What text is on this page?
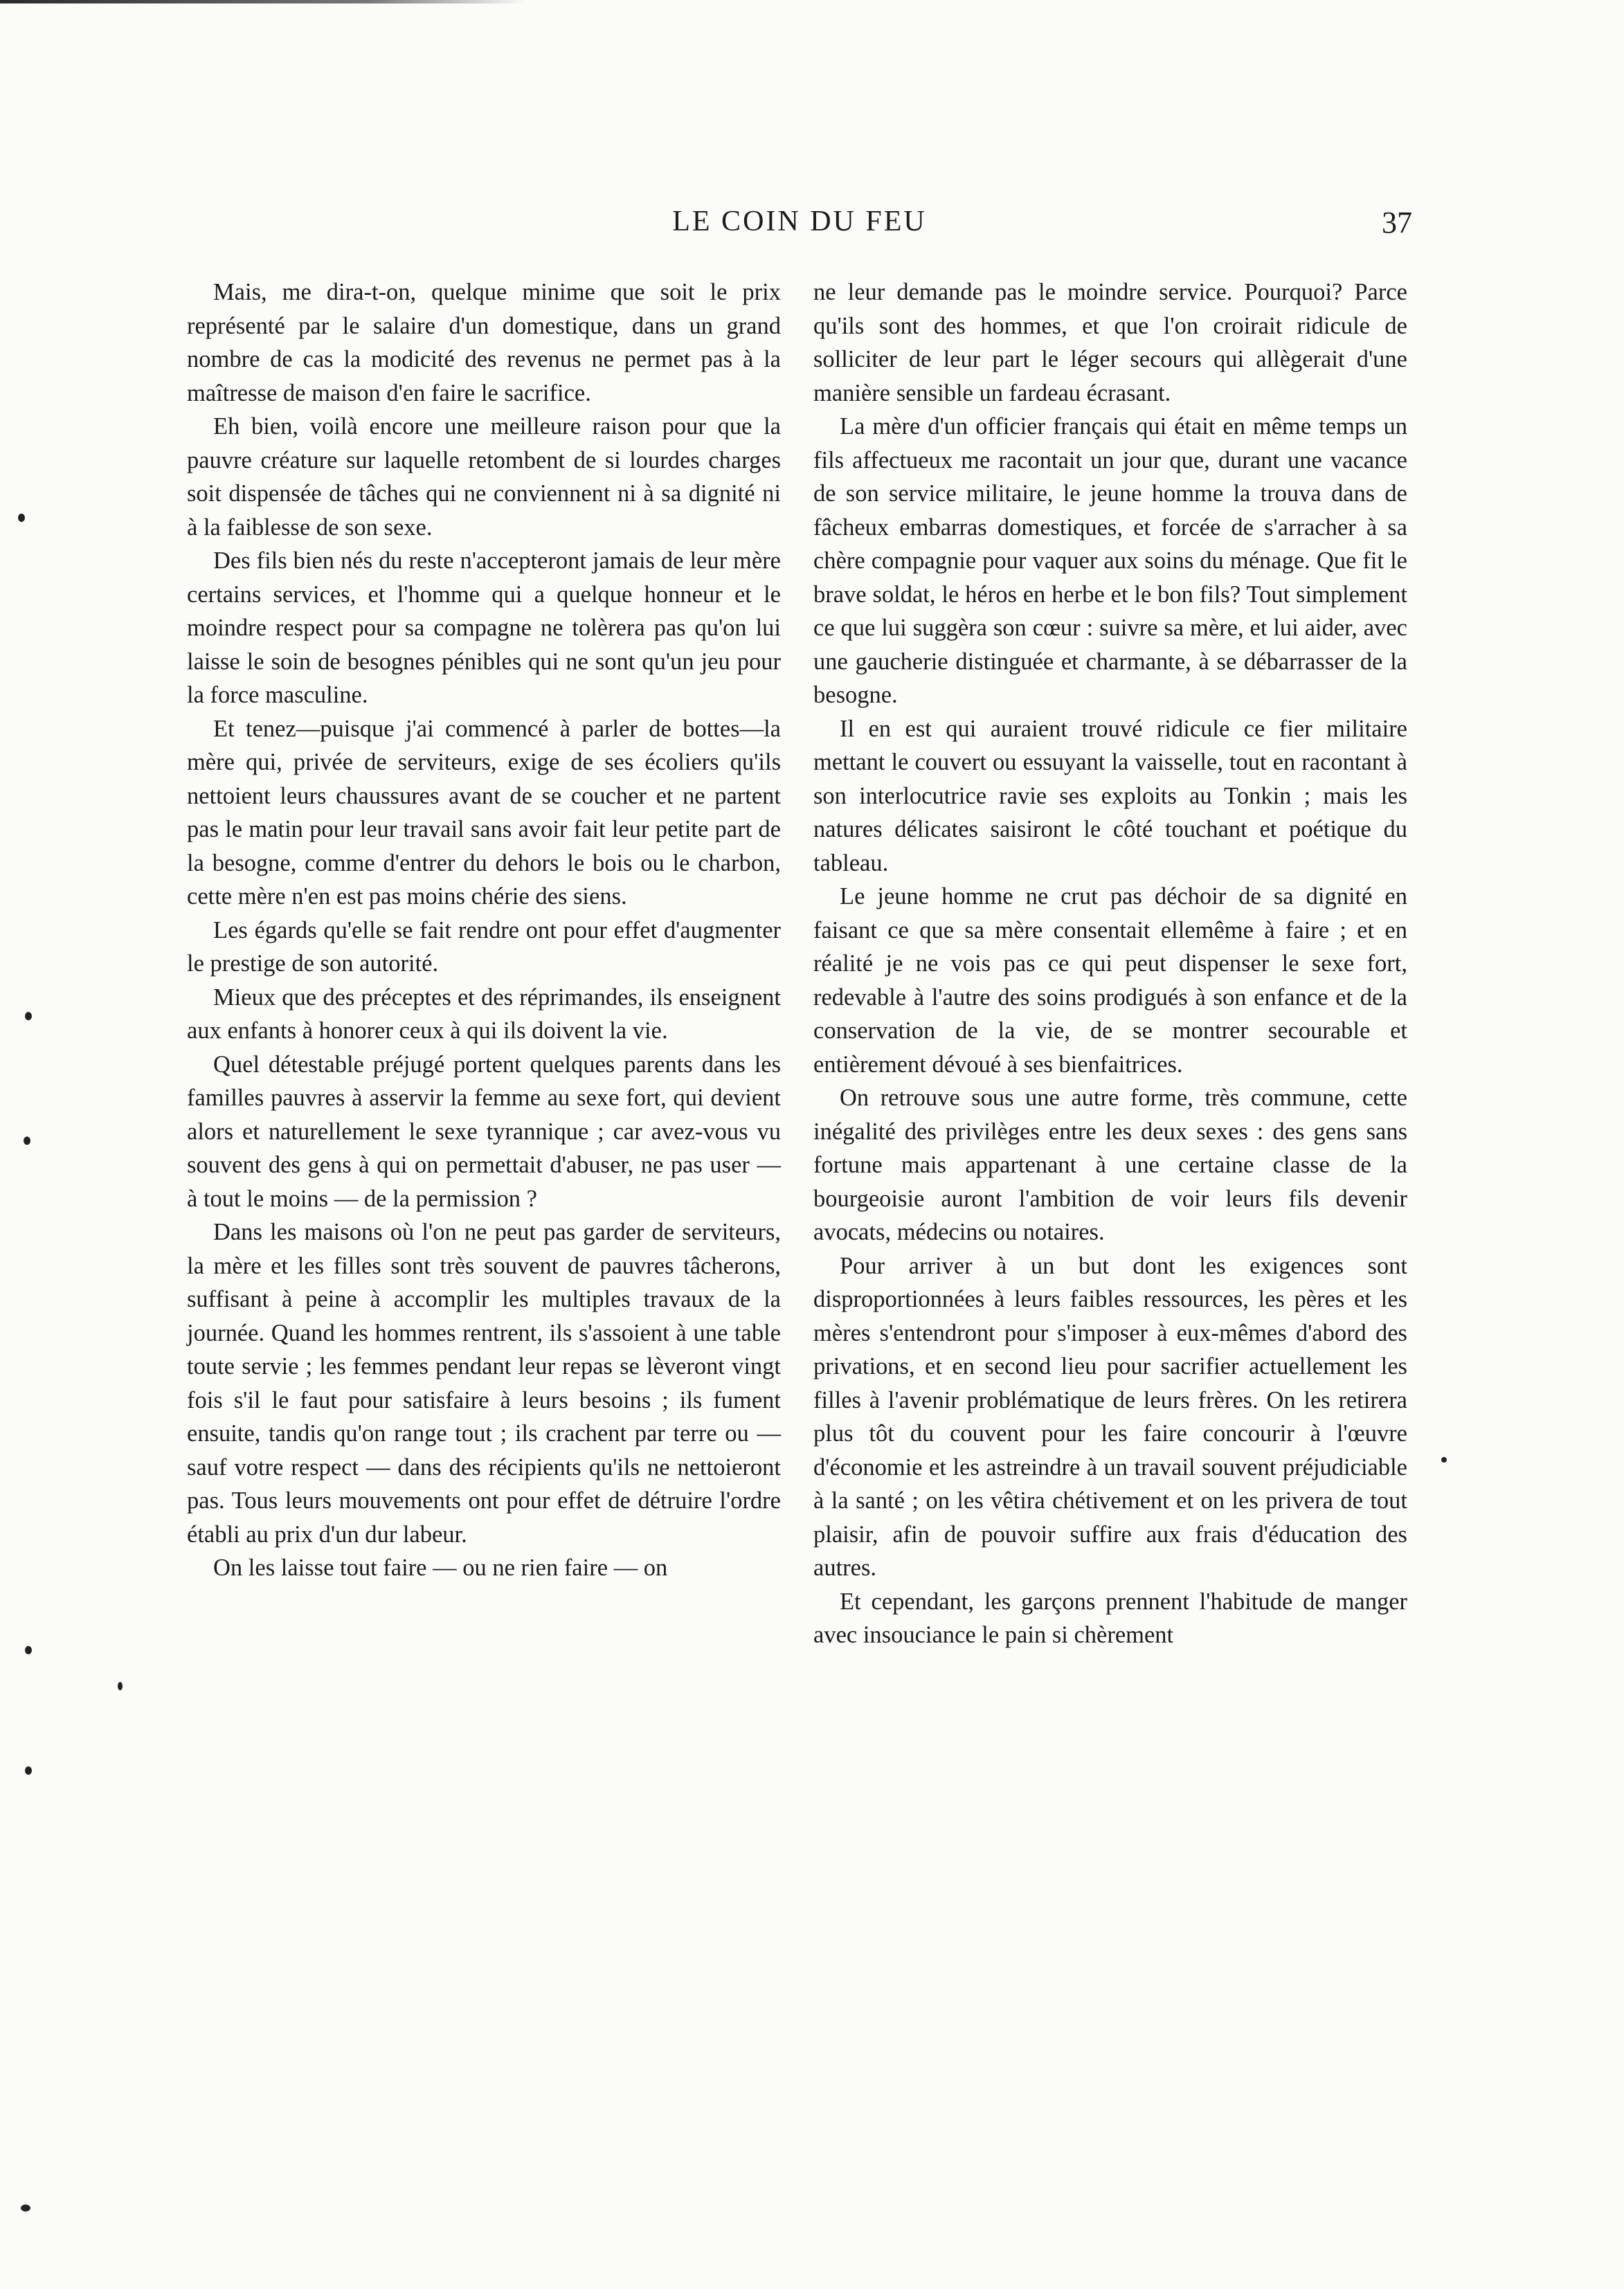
LE COIN DU FEU	37

Mais, me dira-t-on, quelque minime que soit le prix représenté par le salaire d'un domestique, dans un grand nombre de cas la modicité des revenus ne permet pas à la maîtresse de maison d'en faire le sacrifice.

Eh bien, voilà encore une meilleure raison pour que la pauvre créature sur laquelle retombent de si lourdes charges soit dispensée de tâches qui ne conviennent ni à sa dignité ni à la faiblesse de son sexe.

Des fils bien nés du reste n'accepteront jamais de leur mère certains services, et l'homme qui a quelque honneur et le moindre respect pour sa compagne ne tolèrera pas qu'on lui laisse le soin de besognes pénibles qui ne sont qu'un jeu pour la force masculine.

Et tenez—puisque j'ai commencé à parler de bottes—la mère qui, privée de serviteurs, exige de ses écoliers qu'ils nettoient leurs chaussures avant de se coucher et ne partent pas le matin pour leur travail sans avoir fait leur petite part de la besogne, comme d'entrer du dehors le bois ou le charbon, cette mère n'en est pas moins chérie des siens.

Les égards qu'elle se fait rendre ont pour effet d'augmenter le prestige de son autorité.

Mieux que des préceptes et des réprimandes, ils enseignent aux enfants à honorer ceux à qui ils doivent la vie.

Quel détestable préjugé portent quelques parents dans les familles pauvres à asservir la femme au sexe fort, qui devient alors et naturellement le sexe tyrannique ; car avez-vous vu souvent des gens à qui on permettait d'abuser, ne pas user — à tout le moins — de la permission ?

Dans les maisons où l'on ne peut pas garder de serviteurs, la mère et les filles sont très souvent de pauvres tâcherons, suffisant à peine à accomplir les multiples travaux de la journée. Quand les hommes rentrent, ils s'assoient à une table toute servie ; les femmes pendant leur repas se lèveront vingt fois s'il le faut pour satisfaire à leurs besoins ; ils fument ensuite, tandis qu'on range tout ; ils crachent par terre ou — sauf votre respect — dans des récipients qu'ils ne nettoieront pas. Tous leurs mouvements ont pour effet de détruire l'ordre établi au prix d'un dur labeur.

On les laisse tout faire — ou ne rien faire — on

ne leur demande pas le moindre service. Pourquoi? Parce qu'ils sont des hommes, et que l'on croirait ridicule de solliciter de leur part le léger secours qui allègerait d'une manière sensible un fardeau écrasant.

La mère d'un officier français qui était en même temps un fils affectueux me racontait un jour que, durant une vacance de son service militaire, le jeune homme la trouva dans de fâcheux embarras domestiques, et forcée de s'arracher à sa chère compagnie pour vaquer aux soins du ménage. Que fit le brave soldat, le héros en herbe et le bon fils? Tout simplement ce que lui suggèra son cœur : suivre sa mère, et lui aider, avec une gaucherie distinguée et charmante, à se débarrasser de la besogne.

Il en est qui auraient trouvé ridicule ce fier militaire mettant le couvert ou essuyant la vaisselle, tout en racontant à son interlocutrice ravie ses exploits au Tonkin ; mais les natures délicates saisiront le côté touchant et poétique du tableau.

Le jeune homme ne crut pas déchoir de sa dignité en faisant ce que sa mère consentait ellemême à faire ; et en réalité je ne vois pas ce qui peut dispenser le sexe fort, redevable à l'autre des soins prodigués à son enfance et de la conservation de la vie, de se montrer secourable et entièrement dévoué à ses bienfaitrices.

On retrouve sous une autre forme, très commune, cette inégalité des privilèges entre les deux sexes : des gens sans fortune mais appartenant à une certaine classe de la bourgeoisie auront l'ambition de voir leurs fils devenir avocats, médecins ou notaires.

Pour arriver à un but dont les exigences sont disproportionnées à leurs faibles ressources, les pères et les mères s'entendront pour s'imposer à eux-mêmes d'abord des privations, et en second lieu pour sacrifier actuellement les filles à l'avenir problématique de leurs frères. On les retirera plus tôt du couvent pour les faire concourir à l'œuvre d'économie et les astreindre à un travail souvent préjudiciable à la santé ; on les vêtira chétivement et on les privera de tout plaisir, afin de pouvoir suffire aux frais d'éducation des autres.

Et cependant, les garçons prennent l'habitude de manger avec insouciance le pain si chèrement
